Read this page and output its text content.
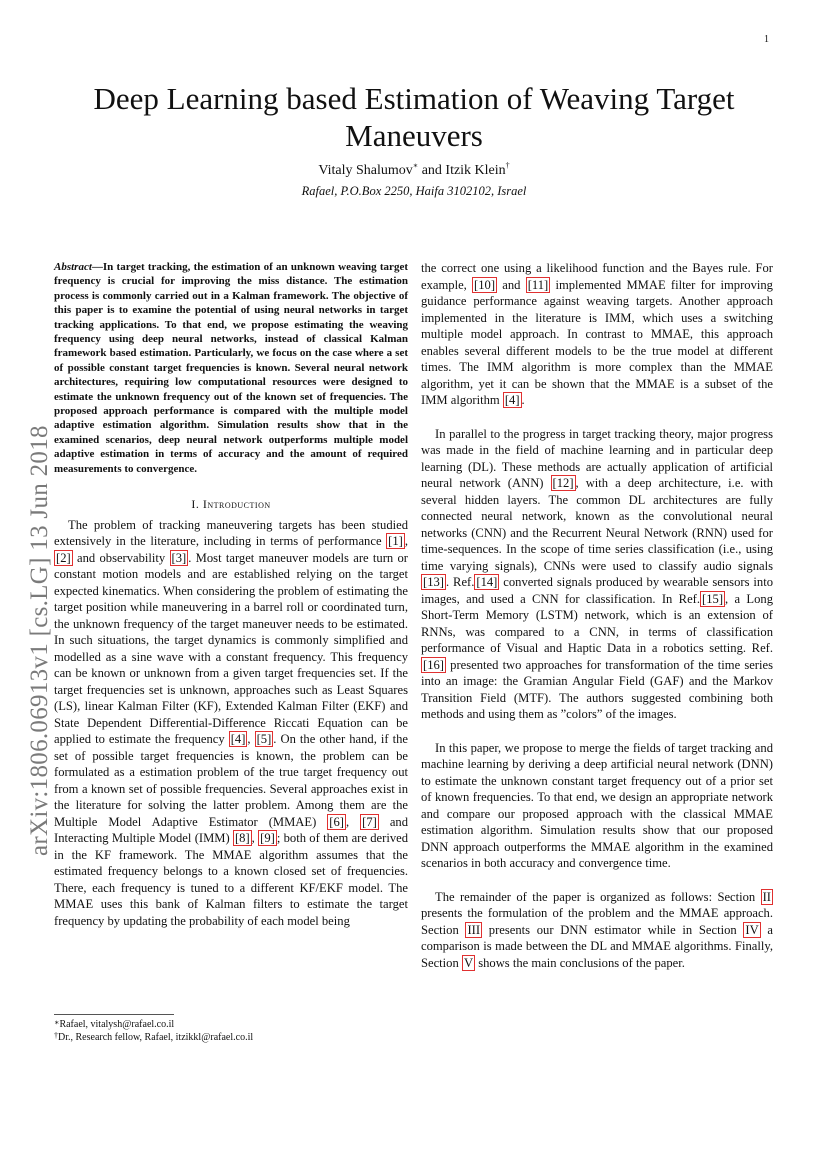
1
arXiv:1806.06913v1 [cs.LG] 13 Jun 2018
Deep Learning based Estimation of Weaving Target Maneuvers
Vitaly Shalumov∗ and Itzik Klein†
Rafael, P.O.Box 2250, Haifa 3102102, Israel

Abstract—In target tracking, the estimation of an unknown weaving target frequency is crucial for improving the miss distance. The estimation process is commonly carried out in a Kalman framework. The objective of this paper is to examine the potential of using neural networks in target tracking applications. To that end, we propose estimating the weaving frequency using deep neural networks, instead of classical Kalman framework based estimation. Particularly, we focus on the case where a set of possible constant target frequencies is known. Several neural network architectures, requiring low computational resources were designed to estimate the unknown frequency out of the known set of frequencies. The proposed approach performance is compared with the multiple model adaptive estimation algorithm. Simulation results show that in the examined scenarios, deep neural network outperforms multiple model adaptive estimation in terms of accuracy and the amount of required measurements to convergence.

I. Introduction

The problem of tracking maneuvering targets has been studied extensively in the literature, including in terms of performance [1] , [2] and observability [3] . Most target maneuver models are turn or constant motion models and are established relying on the target expected kinematics. When considering the problem of estimating the target position while maneuvering in a barrel roll or coordinated turn, the unknown frequency of the target maneuver needs to be estimated. In such situations, the target dynamics is commonly simplified and modelled as a sine wave with a constant frequency. This frequency can be known or unknown from a given target frequencies set. If the target frequencies set is unknown, approaches such as Least Squares (LS), linear Kalman Filter (KF), Extended Kalman Filter (EKF) and State Dependent Differential-Difference Riccati Equation can be applied to estimate the frequency [4] , [5] . On the other hand, if the set of possible target frequencies is known, the problem can be formulated as a estimation problem of the true target frequency out from a known set of possible frequencies. Several approaches exist in the literature for solving the latter problem. Among them are the Multiple Model Adaptive Estimator (MMAE) [6] , [7] and Interacting Multiple Model (IMM) [8] , [9] ; both of them are derived in the KF framework. The MMAE algorithm assumes that the estimated frequency belongs to a known closed set of frequencies. There, each frequency is tuned to a different KF/EKF model. The MMAE uses this bank of Kalman filters to estimate the target frequency by updating the probability of each model being

∗Rafael, vitalysh@rafael.co.il
†Dr., Research fellow, Rafael, itzikkl@rafael.co.il

the correct one using a likelihood function and the Bayes rule. For example, [10] and [11] implemented MMAE filter for improving guidance performance against weaving targets. Another approach implemented in the literature is IMM, which uses a switching multiple model approach. In contrast to MMAE, this approach enables several different models to be the true model at different times. The IMM algorithm is more complex than the MMAE algorithm, yet it can be shown that the MMAE is a subset of the IMM algorithm [4] .

In parallel to the progress in target tracking theory, major progress was made in the field of machine learning and in particular deep learning (DL). These methods are actually application of artificial neural network (ANN) [12] , with a deep architecture, i.e. with several hidden layers. The common DL architectures are fully connected neural network, known as the convolutional neural networks (CNN) and the Recurrent Neural Network (RNN) used for time-sequences. In the scope of time series classification (i.e., using time varying signals), CNNs were used to classify audio signals [13] . Ref. [14] converted signals produced by wearable sensors into images, and used a CNN for classification. In Ref. [15] , a Long Short-Term Memory (LSTM) network, which is an extension of RNNs, was compared to a CNN, in terms of classification performance of Visual and Haptic Data in a robotics setting. Ref.[16] presented two approaches for transformation of the time series into an image: the Gramian Angular Field (GAF) and the Markov Transition Field (MTF). The authors suggested combining both methods and using them as ”colors” of the images.

In this paper, we propose to merge the fields of target tracking and machine learning by deriving a deep artificial neural network (DNN) to estimate the unknown constant target frequency out of a prior set of known frequencies. To that end, we design an appropriate network and compare our proposed approach with the classical MMAE estimation algorithm. Simulation results show that our proposed DNN approach outperforms the MMAE algorithm in the examined scenarios in both accuracy and convergence time.

The remainder of the paper is organized as follows: Section II presents the formulation of the problem and the MMAE approach. Section III presents our DNN estimator while in Section IV a comparison is made between the DL and MMAE algorithms. Finally, Section V shows the main conclusions of the paper.
